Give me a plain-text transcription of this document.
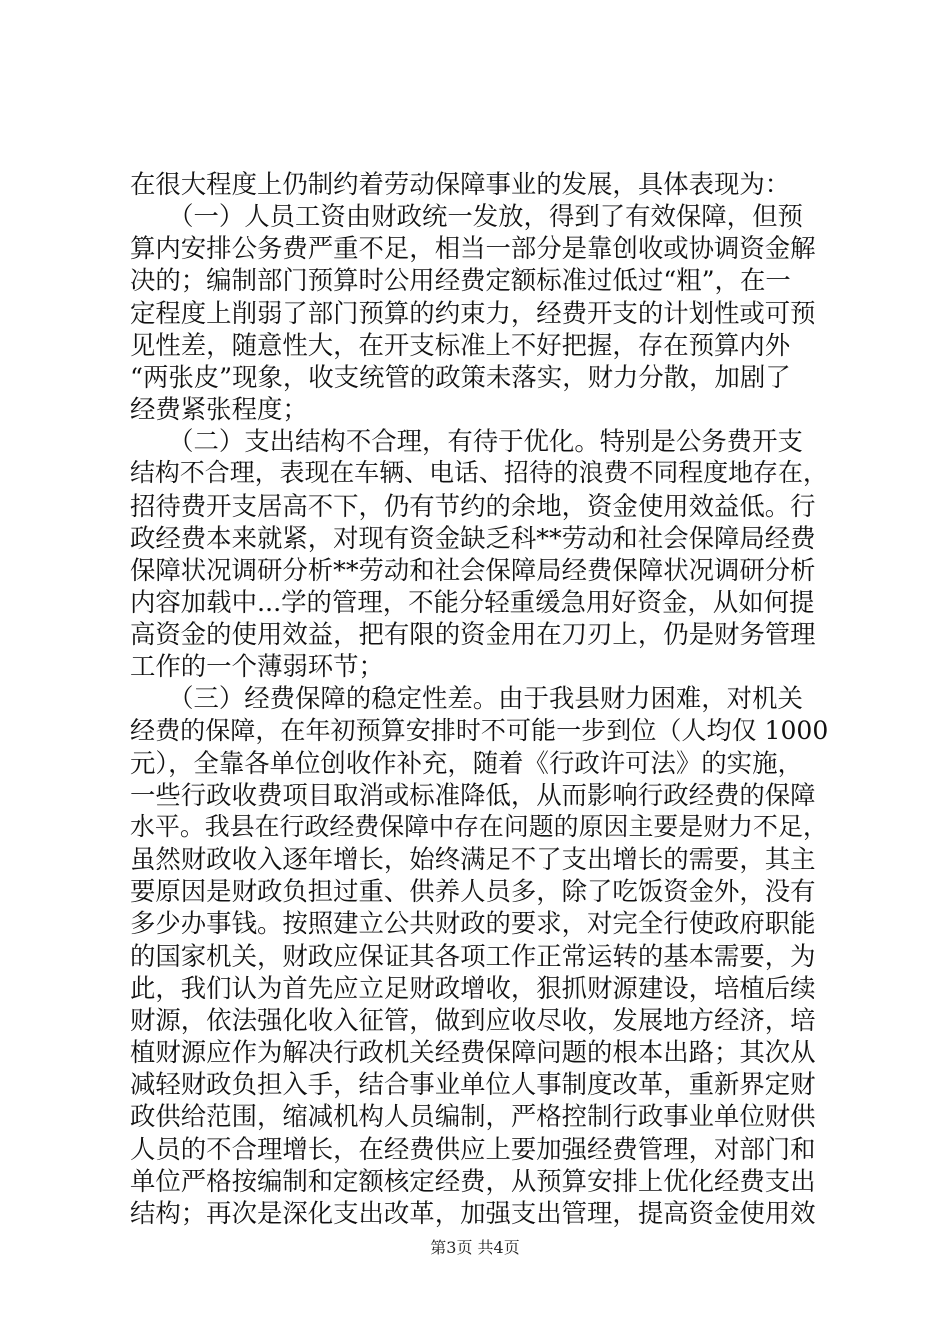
在很大程度上仍制约着劳动保障事业的发展，具体表现为：
　　（一）人员工资由财政统一发放，得到了有效保障，但预
算内安排公务费严重不足，相当一部分是靠创收或协调资金解
决的；编制部门预算时公用经费定额标准过低过“粗”，在一
定程度上削弱了部门预算的约束力，经费开支的计划性或可预
见性差，随意性大，在开支标准上不好把握，存在预算内外
“两张皮”现象，收支统管的政策未落实，财力分散，加剧了
经费紧张程度；
　　（二）支出结构不合理，有待于优化。特别是公务费开支
结构不合理，表现在车辆、电话、招待的浪费不同程度地存在，
招待费开支居高不下，仍有节约的余地，资金使用效益低。行
政经费本来就紧，对现有资金缺乏科**劳动和社会保障局经费
保障状况调研分析**劳动和社会保障局经费保障状况调研分析
内容加载中...学的管理，不能分轻重缓急用好资金，从如何提
高资金的使用效益，把有限的资金用在刀刃上，仍是财务管理
工作的一个薄弱环节；
　　（三）经费保障的稳定性差。由于我县财力困难，对机关
经费的保障，在年初预算安排时不可能一步到位（人均仅 1000
元），全靠各单位创收作补充，随着《行政许可法》的实施，
一些行政收费项目取消或标准降低，从而影响行政经费的保障
水平。我县在行政经费保障中存在问题的原因主要是财力不足，
虽然财政收入逐年增长，始终满足不了支出增长的需要，其主
要原因是财政负担过重、供养人员多，除了吃饭资金外，没有
多少办事钱。按照建立公共财政的要求，对完全行使政府职能
的国家机关，财政应保证其各项工作正常运转的基本需要，为
此，我们认为首先应立足财政增收，狠抓财源建设，培植后续
财源，依法强化收入征管，做到应收尽收，发展地方经济，培
植财源应作为解决行政机关经费保障问题的根本出路；其次从
减轻财政负担入手，结合事业单位人事制度改革，重新界定财
政供给范围，缩减机构人员编制，严格控制行政事业单位财供
人员的不合理增长，在经费供应上要加强经费管理，对部门和
单位严格按编制和定额核定经费，从预算安排上优化经费支出
结构；再次是深化支出改革，加强支出管理，提高资金使用效
第3页 共4页
